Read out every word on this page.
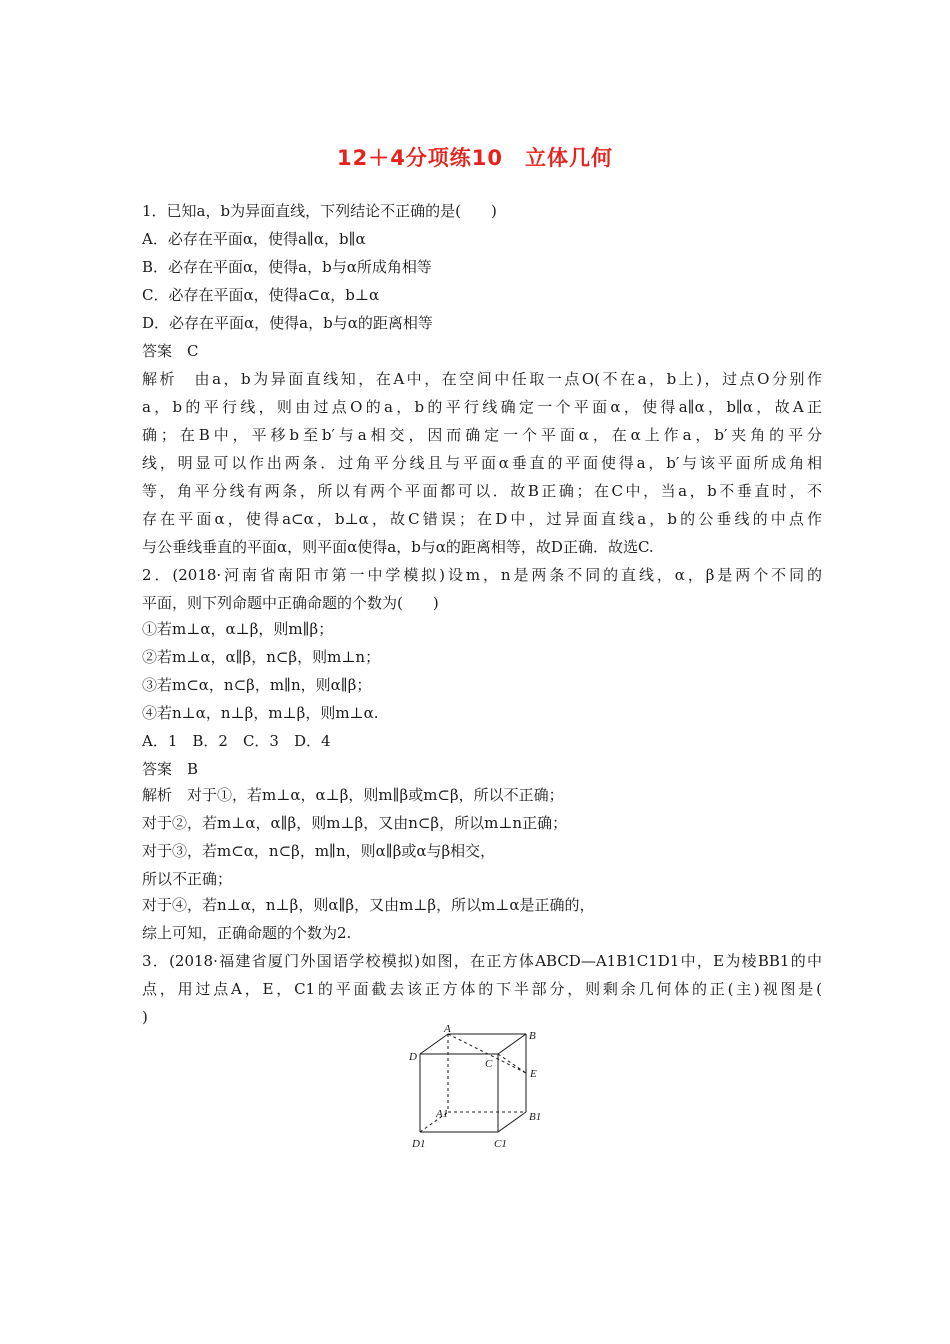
12＋4分项练10　立体几何
1．已知a，b为异面直线，下列结论不正确的是(　　)
A．必存在平面α，使得a∥α，b∥α
B．必存在平面α，使得a，b与α所成角相等
C．必存在平面α，使得a⊂α，b⊥α
D．必存在平面α，使得a，b与α的距离相等
答案　C
解析　由a，b为异面直线知，在A中，在空间中任取一点O(不在a，b上)，过点O分别作
a，b的平行线，则由过点O的a，b的平行线确定一个平面α，使得a∥α，b∥α，故A正
确；在B中，平移b至b′与a相交，因而确定一个平面α，在α上作a，b′夹角的平分
线，明显可以作出两条．过角平分线且与平面α垂直的平面使得a，b′与该平面所成角相
等，角平分线有两条，所以有两个平面都可以．故B正确；在C中，当a，b不垂直时，不
存在平面α，使得a⊂α，b⊥α，故C错误；在D中，过异面直线a，b的公垂线的中点作
与公垂线垂直的平面α，则平面α使得a，b与α的距离相等，故D正确．故选C.
2．(2018·河南省南阳市第一中学模拟)设m，n是两条不同的直线，α，β是两个不同的
平面，则下列命题中正确命题的个数为(　　)
①若m⊥α，α⊥β，则m∥β；
②若m⊥α，α∥β，n⊂β，则m⊥n；
③若m⊂α，n⊂β，m∥n，则α∥β；
④若n⊥α，n⊥β，m⊥β，则m⊥α.
A．1　B．2　C．3　D．4
答案　B
解析　对于①，若m⊥α，α⊥β，则m∥β或m⊂β，所以不正确；
对于②，若m⊥α，α∥β，则m⊥β，又由n⊂β，所以m⊥n正确；
对于③，若m⊂α，n⊂β，m∥n，则α∥β或α与β相交，
所以不正确；
对于④，若n⊥α，n⊥β，则α∥β，又由m⊥β，所以m⊥α是正确的，
综上可知，正确命题的个数为2.
3．(2018·福建省厦门外国语学校模拟)如图，在正方体ABCD—A1B1C1D1中，E为棱BB1的中
点，用过点A，E，C1的平面截去该正方体的下半部分，则剩余几何体的正(主)视图是(
)
A
B
C
D
E
A1	B1
C1
D1
